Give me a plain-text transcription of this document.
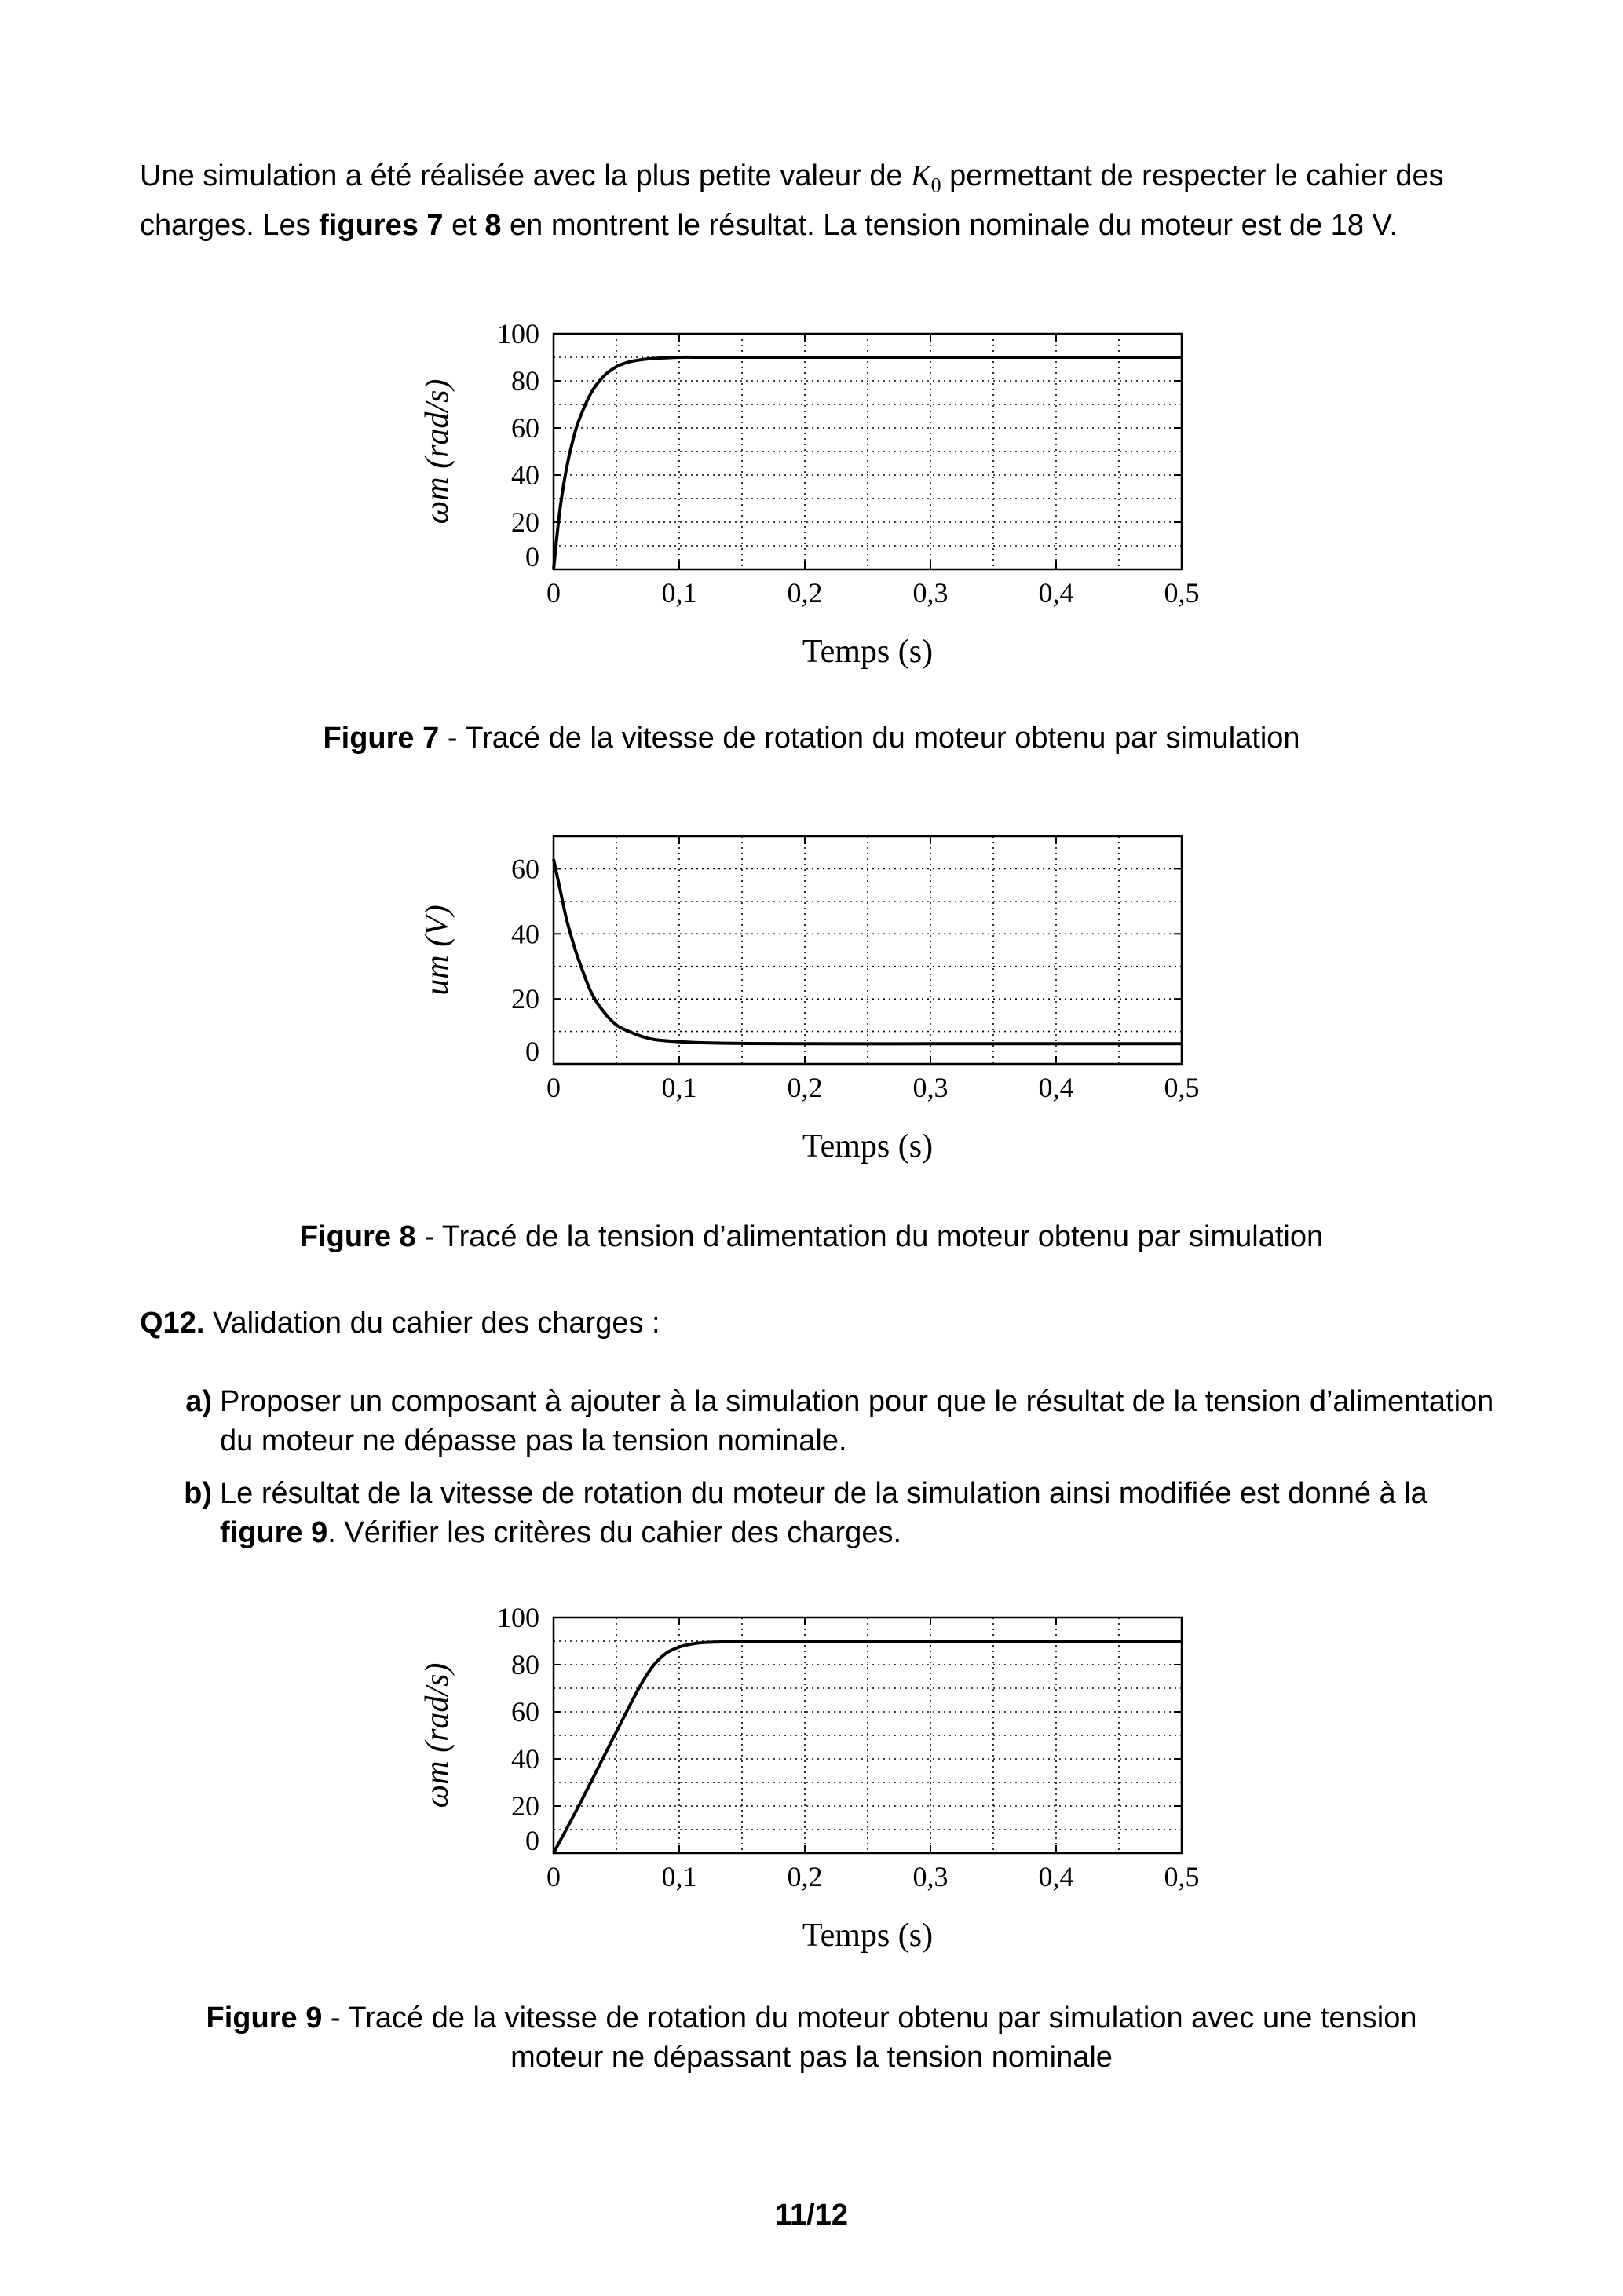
Une simulation a été réalisée avec la plus petite valeur de $K_0$ permettant de respecter le cahier des charges. Les figures 7 et 8 en montrent le résultat. La tension nominale du moteur est de 18 V.
0	0,1	0,2	0,3	0,4	0,5
0
20
40
60
80
100
Temps (s)
ωm (rad/s)
Figure 7 - Tracé de la vitesse de rotation du moteur obtenu par simulation
0	0,1	0,2	0,3	0,4	0,5
0
20
40
60
Temps (s)
um (V)
Figure 8 - Tracé de la tension d’alimentation du moteur obtenu par simulation
Q12. Validation du cahier des charges :
a) Proposer un composant à ajouter à la simulation pour que le résultat de la tension d’alimentation du moteur ne dépasse pas la tension nominale.
b) Le résultat de la vitesse de rotation du moteur de la simulation ainsi modifiée est donné à la figure 9. Vérifier les critères du cahier des charges.
0	0,1	0,2	0,3	0,4	0,5
0
20
40
60
80
100
Temps (s)
ωm (rad/s)
Figure 9 - Tracé de la vitesse de rotation du moteur obtenu par simulation avec une tension
moteur ne dépassant pas la tension nominale
11/12
